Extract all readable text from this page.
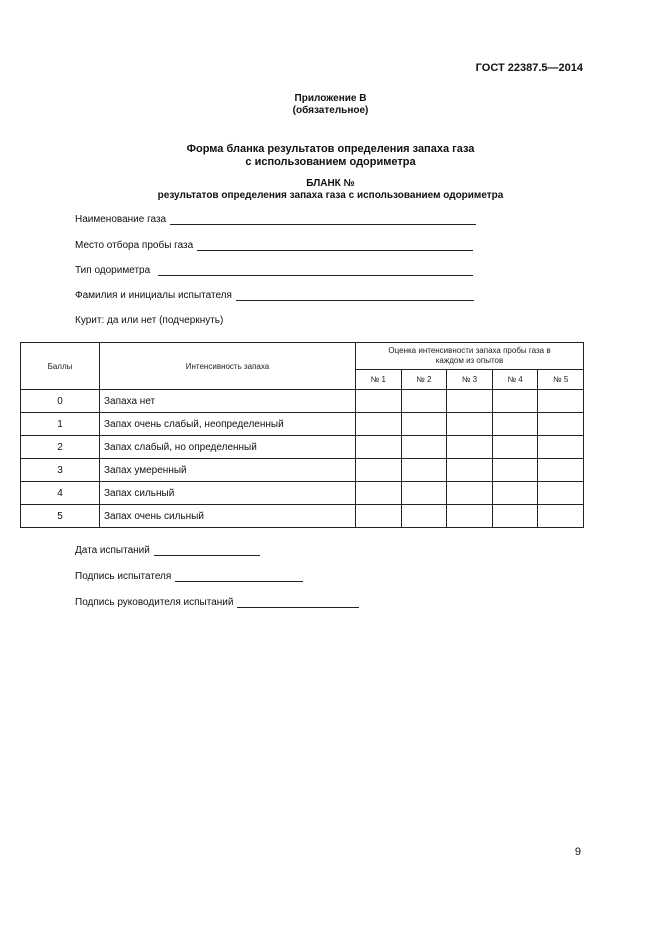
ГОСТ 22387.5—2014
Приложение В
(обязательное)
Форма бланка результатов определения запаха газа
с использованием одориметра
БЛАНК №
результатов определения запаха газа с использованием одориметра
Наименование газа
Место отбора пробы газа
Тип одориметра
Фамилия и инициалы испытателя
Курит: да или нет (подчеркнуть)
Баллы	Интенсивность запаха	Оценка интенсивности запаха пробы газа в каждом из опытов				

		№ 1	№ 2	№ 3	№ 4	№ 5
0	Запаха нет					
1	Запах очень слабый, неопределенный					
2	Запах слабый, но определенный					
3	Запах умеренный					
4	Запах сильный					
5	Запах очень сильный					
Дата испытаний
Подпись испытателя
Подпись руководителя испытаний
9
